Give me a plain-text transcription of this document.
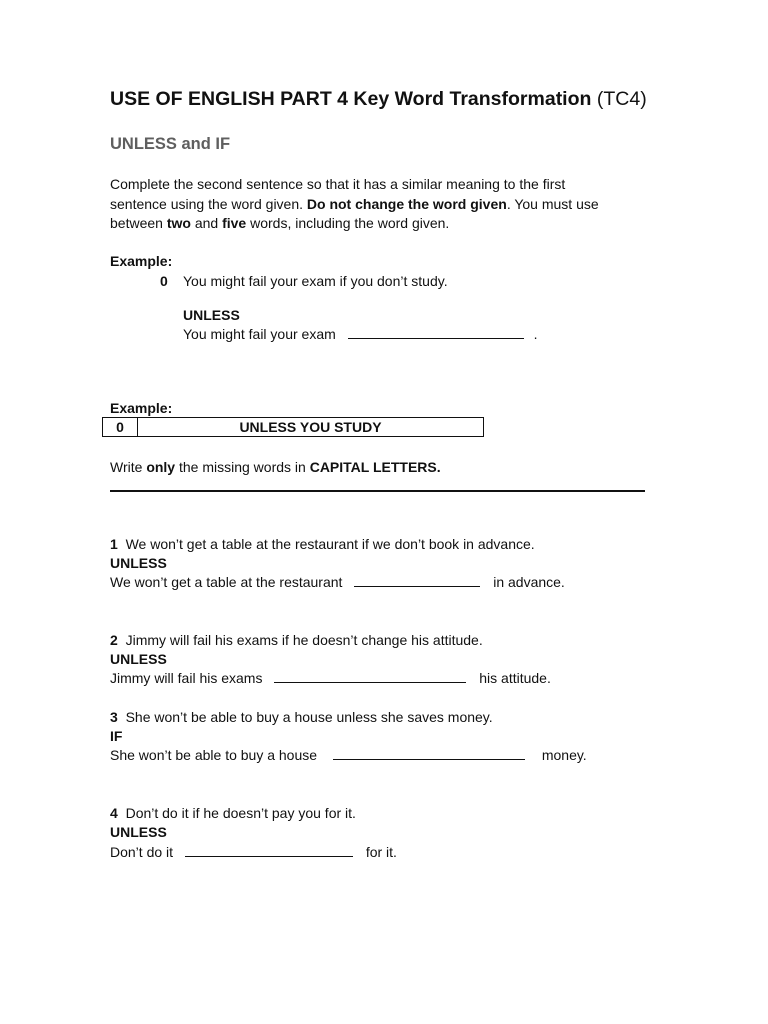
USE OF ENGLISH PART 4 Key Word Transformation (TC4)
UNLESS and IF
Complete the second sentence so that it has a similar meaning to the first
sentence using the word given. Do not change the word given. You must use
between two and five words, including the word given.
Example:
0 You might fail your exam if you don’t study.
UNLESS
You might fail your exam	.
Example:
0	UNLESS YOU STUDY
Write only the missing words in CAPITAL LETTERS.
1 We won’t get a table at the restaurant if we don’t book in advance.
UNLESS
We won’t get a table at the restaurant	in advance.
2 Jimmy will fail his exams if he doesn’t change his attitude.
UNLESS
Jimmy will fail his exams	his attitude.
3 She won’t be able to buy a house unless she saves money.
IF
She won’t be able to buy a house	money.
4 Don’t do it if he doesn’t pay you for it.
UNLESS
Don’t do it	for it.
